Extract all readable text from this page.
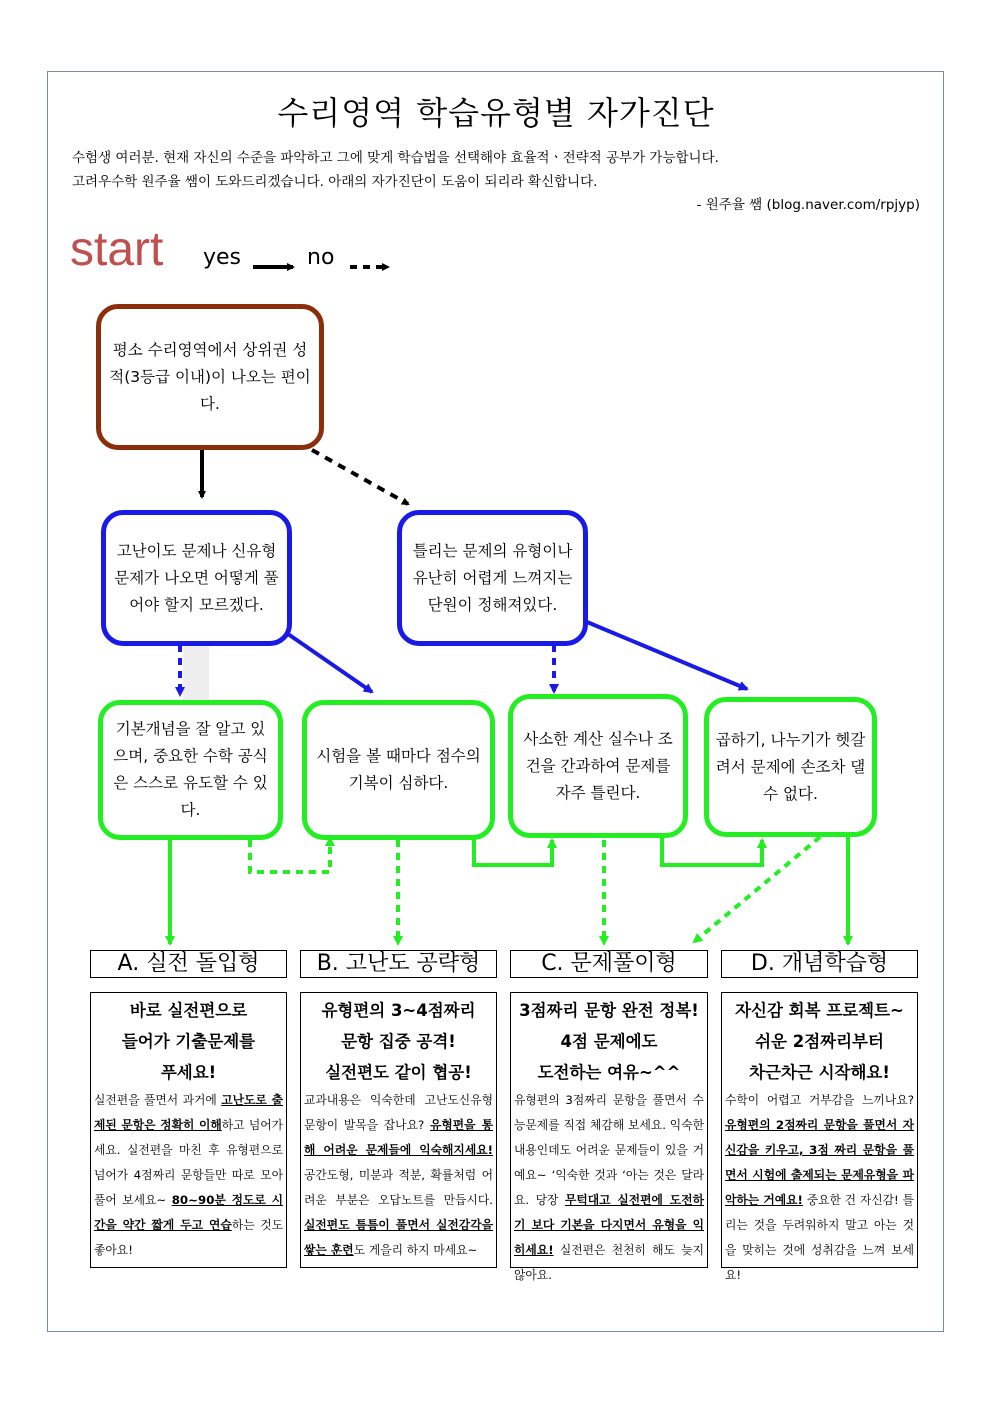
수리영역 학습유형별 자가진단
수험생 여러분. 현재 자신의 수준을 파악하고 그에 맞게 학습법을 선택해야 효율적ㆍ전략적 공부가 가능합니다.
고려우수학 원주율 쌤이 도와드리겠습니다. 아래의 자가진단이 도움이 되리라 확신합니다.
- 원주율 쌤 (blog.naver.com/rpjyp)
start yes	no
평소 수리영역에서 상위권 성적(3등급 이내)이 나오는 편이다.
고난이도 문제나 신유형 문제가 나오면 어떻게 풀어야 할지 모르겠다.
틀리는 문제의 유형이나 유난히 어렵게 느껴지는 단원이 정해져있다.
기본개념을 잘 알고 있으며, 중요한 수학 공식은 스스로 유도할 수 있다.
시험을 볼 때마다 점수의 기복이 심하다.
사소한 계산 실수나 조건을 간과하여 문제를 자주 틀린다.
곱하기, 나누기가 헷갈려서 문제에 손조차 댈 수 없다.
A. 실전 돌입형	B. 고난도 공략형	C. 문제풀이형	D. 개념학습형
바로 실전편으로
들어가 기출문제를
푸세요!
실전편을 풀면서 과거에 고난도로 출제된 문항은 정확히 이해하고 넘어가세요. 실전편을 마친 후 유형편으로 넘어가 4점짜리 문항들만 따로 모아 풀어 보세요~ 80~90분 정도로 시간을 약간 짧게 두고 연습하는 것도 좋아요!
유형편의 3~4점짜리
문항 집중 공격!
실전편도 같이 협공!
교과내용은 익숙한데 고난도신유형 문항이 발목을 잡나요? 유형편을 통해 어려운 문제들에 익숙해지세요! 공간도형, 미분과 적분, 확률처럼 어려운 부분은 오답노트를 만듭시다. 실전편도 틈틈이 풀면서 실전감각을 쌓는 훈련도 게을리 하지 마세요~
3점짜리 문항 완전 정복!
4점 문제에도
도전하는 여유~^^
유형편의 3점짜리 문항을 풀면서 수능문제를 직접 체감해 보세요. 익숙한 내용인데도 어려운 문제들이 있을 거예요~ ‘익숙한 것과 ‘아는 것은 달라요. 당장 무턱대고 실전편에 도전하기 보다 기본을 다지면서 유형을 익히세요! 실전편은 천천히 해도 늦지 않아요.
자신감 회복 프로젝트~
쉬운 2점짜리부터
차근차근 시작해요!
수학이 어렵고 거부감을 느끼나요? 유형편의 2점짜리 문항을 풀면서 자신감을 키우고, 3점 짜리 문항을 풀면서 시험에 출제되는 문제유형을 파악하는 거예요! 중요한 건 자신감! 틀리는 것을 두려워하지 말고 아는 것을 맞히는 것에 성취감을 느껴 보세요!
